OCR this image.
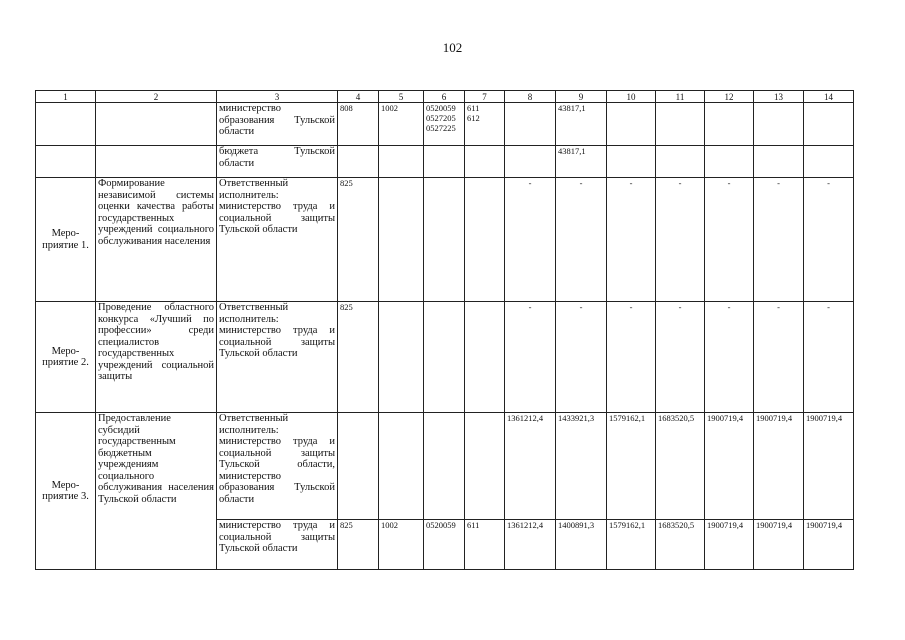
102
1	2	3	4	5	6	7	8	9	10	11	12	13	14
		министерство образования Тульской области	808	1002	0520059
0527205
0527225	611
612		43817,1					
		бюджета Тульской области						43817,1					
Меро-
приятие 1.	Формирование независимой системы оценки качества работы государственных учреждений социального обслуживания населения	Ответственный исполнитель: министерство труда и социальной защиты Тульской области	825				-	-	-	-	-	-	-
Меро-
приятие 2.	Проведение областного конкурса «Лучший по профессии» среди специалистов государственных учреждений социальной защиты	Ответственный исполнитель: министерство труда и социальной защиты Тульской области	825				-	-	-	-	-	-	-
Меро-
приятие 3.	Предоставление субсидий государственным бюджетным учреждениям социального обслуживания населения Тульской области	Ответственный исполнитель: министерство труда и социальной защиты Тульской области, министерство образования Тульской области					1361212,4	1433921,3	1579162,1	1683520,5	1900719,4	1900719,4	1900719,4
		министерство труда и социальной защиты Тульской области	825	1002	0520059	611	1361212,4	1400891,3	1579162,1	1683520,5	1900719,4	1900719,4	1900719,4
